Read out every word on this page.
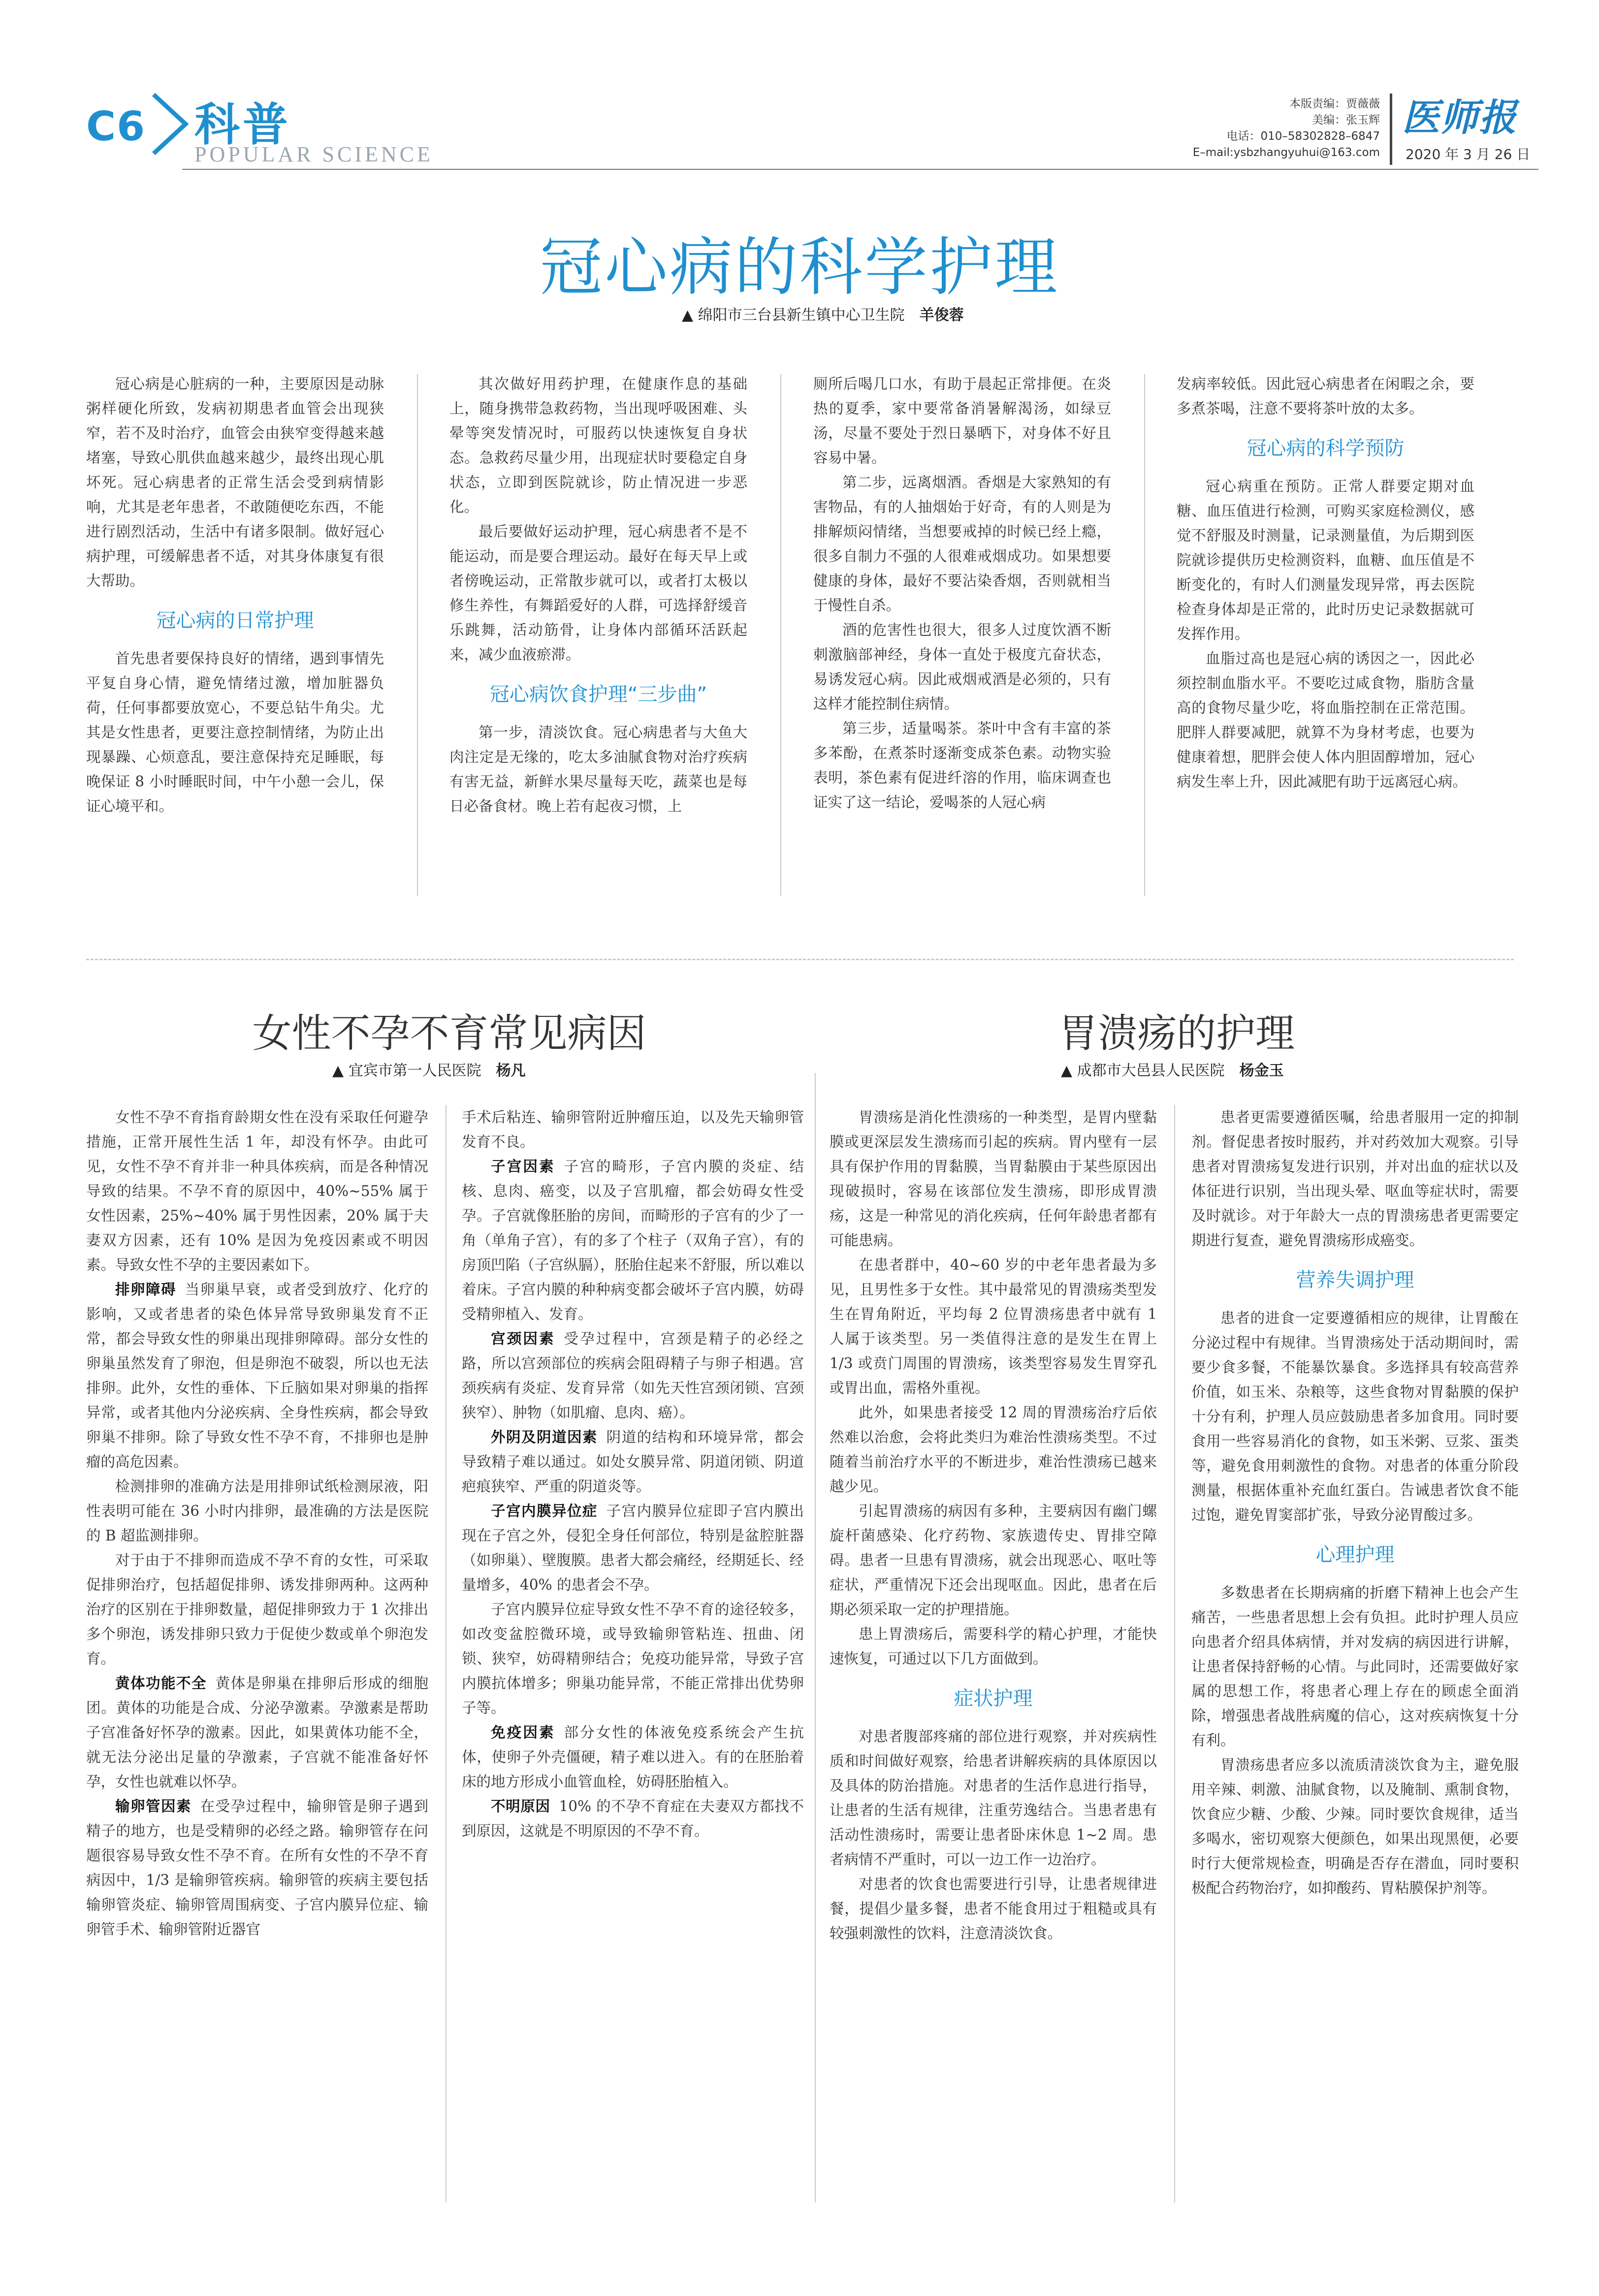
C6 科普
POPULAR SCIENCE
本版责编：贾薇薇
美编：张玉辉
电话：010–58302828–6847
E–mail:ysbzhangyuhui@163.com
医师报
2020 年 3 月 26 日
冠心病的科学护理
▲ 绵阳市三台县新生镇中心卫生院 羊俊蓉

冠心病是心脏病的一种，主要原因是动脉粥样硬化所致，发病初期患者血管会出现狭窄，若不及时治疗，血管会由狭窄变得越来越堵塞，导致心肌供血越来越少，最终出现心肌坏死。冠心病患者的正常生活会受到病情影响，尤其是老年患者，不敢随便吃东西，不能进行剧烈活动，生活中有诸多限制。做好冠心病护理，可缓解患者不适，对其身体康复有很大帮助。

冠心病的日常护理

首先患者要保持良好的情绪，遇到事情先平复自身心情，避免情绪过激，增加脏器负荷，任何事都要放宽心，不要总钻牛角尖。尤其是女性患者，更要注意控制情绪，为防止出现暴躁、心烦意乱，要注意保持充足睡眠，每晚保证 8 小时睡眠时间，中午小憩一会儿，保证心境平和。

其次做好用药护理，在健康作息的基础上，随身携带急救药物，当出现呼吸困难、头晕等突发情况时，可服药以快速恢复自身状态。急救药尽量少用，出现症状时要稳定自身状态，立即到医院就诊，防止情况进一步恶化。

最后要做好运动护理，冠心病患者不是不能运动，而是要合理运动。最好在每天早上或者傍晚运动，正常散步就可以，或者打太极以修生养性，有舞蹈爱好的人群，可选择舒缓音乐跳舞，活动筋骨，让身体内部循环活跃起来，减少血液瘀滞。

冠心病饮食护理“三步曲”

第一步，清淡饮食。冠心病患者与大鱼大肉注定是无缘的，吃太多油腻食物对治疗疾病有害无益，新鲜水果尽量每天吃，蔬菜也是每日必备食材。晚上若有起夜习惯，上

厕所后喝几口水，有助于晨起正常排便。在炎热的夏季，家中要常备消暑解渴汤，如绿豆汤，尽量不要处于烈日暴晒下，对身体不好且容易中暑。

第二步，远离烟酒。香烟是大家熟知的有害物品，有的人抽烟始于好奇，有的人则是为排解烦闷情绪，当想要戒掉的时候已经上瘾，很多自制力不强的人很难戒烟成功。如果想要健康的身体，最好不要沾染香烟，否则就相当于慢性自杀。

酒的危害性也很大，很多人过度饮酒不断刺激脑部神经，身体一直处于极度亢奋状态，易诱发冠心病。因此戒烟戒酒是必须的，只有这样才能控制住病情。

第三步，适量喝茶。茶叶中含有丰富的茶多苯酚，在煮茶时逐渐变成茶色素。动物实验表明，茶色素有促进纤溶的作用，临床调查也证实了这一结论，爱喝茶的人冠心病

发病率较低。因此冠心病患者在闲暇之余，要多煮茶喝，注意不要将茶叶放的太多。

冠心病的科学预防

冠心病重在预防。正常人群要定期对血糖、血压值进行检测，可购买家庭检测仪，感觉不舒服及时测量，记录测量值，为后期到医院就诊提供历史检测资料，血糖、血压值是不断变化的，有时人们测量发现异常，再去医院检查身体却是正常的，此时历史记录数据就可发挥作用。

血脂过高也是冠心病的诱因之一，因此必须控制血脂水平。不要吃过咸食物，脂肪含量高的食物尽量少吃，将血脂控制在正常范围。肥胖人群要减肥，就算不为身材考虑，也要为健康着想，肥胖会使人体内胆固醇增加，冠心病发生率上升，因此减肥有助于远离冠心病。

女性不孕不育常见病因
▲ 宜宾市第一人民医院 杨凡

女性不孕不育指育龄期女性在没有采取任何避孕措施，正常开展性生活 1 年，却没有怀孕。由此可见，女性不孕不育并非一种具体疾病，而是各种情况导致的结果。不孕不育的原因中，40%~55% 属于女性因素，25%~40% 属于男性因素，20% 属于夫妻双方因素，还有 10% 是因为免疫因素或不明因素。导致女性不孕的主要因素如下。

排卵障碍 当卵巢早衰，或者受到放疗、化疗的影响，又或者患者的染色体异常导致卵巢发育不正常，都会导致女性的卵巢出现排卵障碍。部分女性的卵巢虽然发育了卵泡，但是卵泡不破裂，所以也无法排卵。此外，女性的垂体、下丘脑如果对卵巢的指挥异常，或者其他内分泌疾病、全身性疾病，都会导致卵巢不排卵。除了导致女性不孕不育，不排卵也是肿瘤的高危因素。

检测排卵的准确方法是用排卵试纸检测尿液，阳性表明可能在 36 小时内排卵，最准确的方法是医院的 B 超监测排卵。

对于由于不排卵而造成不孕不育的女性，可采取促排卵治疗，包括超促排卵、诱发排卵两种。这两种治疗的区别在于排卵数量，超促排卵致力于 1 次排出多个卵泡，诱发排卵只致力于促使少数或单个卵泡发育。

黄体功能不全 黄体是卵巢在排卵后形成的细胞团。黄体的功能是合成、分泌孕激素。孕激素是帮助子宫准备好怀孕的激素。因此，如果黄体功能不全，就无法分泌出足量的孕激素，子宫就不能准备好怀孕，女性也就难以怀孕。

输卵管因素 在受孕过程中，输卵管是卵子遇到精子的地方，也是受精卵的必经之路。输卵管存在问题很容易导致女性不孕不育。在所有女性的不孕不育病因中，1/3 是输卵管疾病。输卵管的疾病主要包括输卵管炎症、输卵管周围病变、子宫内膜异位症、输卵管手术、输卵管附近器官

手术后粘连、输卵管附近肿瘤压迫，以及先天输卵管发育不良。

子宫因素 子宫的畸形，子宫内膜的炎症、结核、息肉、癌变，以及子宫肌瘤，都会妨碍女性受孕。子宫就像胚胎的房间，而畸形的子宫有的少了一角（单角子宫），有的多了个柱子（双角子宫），有的房顶凹陷（子宫纵膈），胚胎住起来不舒服，所以难以着床。子宫内膜的种种病变都会破坏子宫内膜，妨碍受精卵植入、发育。

宫颈因素 受孕过程中，宫颈是精子的必经之路，所以宫颈部位的疾病会阻碍精子与卵子相遇。宫颈疾病有炎症、发育异常（如先天性宫颈闭锁、宫颈狭窄）、肿物（如肌瘤、息肉、癌）。

外阴及阴道因素 阴道的结构和环境异常，都会导致精子难以通过。如处女膜异常、阴道闭锁、阴道疤痕狭窄、严重的阴道炎等。

子宫内膜异位症 子宫内膜异位症即子宫内膜出现在子宫之外，侵犯全身任何部位，特别是盆腔脏器（如卵巢）、壁腹膜。患者大都会痛经，经期延长、经量增多，40% 的患者会不孕。

子宫内膜异位症导致女性不孕不育的途径较多，如改变盆腔微环境，或导致输卵管粘连、扭曲、闭锁、狭窄，妨碍精卵结合；免疫功能异常，导致子宫内膜抗体增多；卵巢功能异常，不能正常排出优势卵子等。

免疫因素 部分女性的体液免疫系统会产生抗体，使卵子外壳僵硬，精子难以进入。有的在胚胎着床的地方形成小血管血栓，妨碍胚胎植入。

不明原因 10% 的不孕不育症在夫妻双方都找不到原因，这就是不明原因的不孕不育。

胃溃疡的护理
▲ 成都市大邑县人民医院 杨金玉

胃溃疡是消化性溃疡的一种类型，是胃内壁黏膜或更深层发生溃疡而引起的疾病。胃内壁有一层具有保护作用的胃黏膜，当胃黏膜由于某些原因出现破损时，容易在该部位发生溃疡，即形成胃溃疡，这是一种常见的消化疾病，任何年龄患者都有可能患病。

在患者群中，40~60 岁的中老年患者最为多见，且男性多于女性。其中最常见的胃溃疡类型发生在胃角附近，平均每 2 位胃溃疡患者中就有 1 人属于该类型。另一类值得注意的是发生在胃上 1/3 或贲门周围的胃溃疡，该类型容易发生胃穿孔或胃出血，需格外重视。

此外，如果患者接受 12 周的胃溃疡治疗后依然难以治愈，会将此类归为难治性溃疡类型。不过随着当前治疗水平的不断进步，难治性溃疡已越来越少见。

引起胃溃疡的病因有多种，主要病因有幽门螺旋杆菌感染、化疗药物、家族遗传史、胃排空障碍。患者一旦患有胃溃疡，就会出现恶心、呕吐等症状，严重情况下还会出现呕血。因此，患者在后期必须采取一定的护理措施。

患上胃溃疡后，需要科学的精心护理，才能快速恢复，可通过以下几方面做到。

症状护理

对患者腹部疼痛的部位进行观察，并对疾病性质和时间做好观察，给患者讲解疾病的具体原因以及具体的防治措施。对患者的生活作息进行指导，让患者的生活有规律，注重劳逸结合。当患者患有活动性溃疡时，需要让患者卧床休息 1~2 周。患者病情不严重时，可以一边工作一边治疗。

对患者的饮食也需要进行引导，让患者规律进餐，提倡少量多餐，患者不能食用过于粗糙或具有较强刺激性的饮料，注意清淡饮食。

患者更需要遵循医嘱，给患者服用一定的抑制剂。督促患者按时服药，并对药效加大观察。引导患者对胃溃疡复发进行识别，并对出血的症状以及体征进行识别，当出现头晕、呕血等症状时，需要及时就诊。对于年龄大一点的胃溃疡患者更需要定期进行复查，避免胃溃疡形成癌变。

营养失调护理

患者的进食一定要遵循相应的规律，让胃酸在分泌过程中有规律。当胃溃疡处于活动期间时，需要少食多餐，不能暴饮暴食。多选择具有较高营养价值，如玉米、杂粮等，这些食物对胃黏膜的保护十分有利，护理人员应鼓励患者多加食用。同时要食用一些容易消化的食物，如玉米粥、豆浆、蛋类等，避免食用刺激性的食物。对患者的体重分阶段测量，根据体重补充血红蛋白。告诫患者饮食不能过饱，避免胃窦部扩张，导致分泌胃酸过多。

心理护理

多数患者在长期病痛的折磨下精神上也会产生痛苦，一些患者思想上会有负担。此时护理人员应向患者介绍具体病情，并对发病的病因进行讲解，让患者保持舒畅的心情。与此同时，还需要做好家属的思想工作，将患者心理上存在的顾虑全面消除，增强患者战胜病魔的信心，这对疾病恢复十分有利。

胃溃疡患者应多以流质清淡饮食为主，避免服用辛辣、刺激、油腻食物，以及腌制、熏制食物，饮食应少糖、少酸、少辣。同时要饮食规律，适当多喝水，密切观察大便颜色，如果出现黑便，必要时行大便常规检查，明确是否存在潜血，同时要积极配合药物治疗，如抑酸药、胃粘膜保护剂等。
